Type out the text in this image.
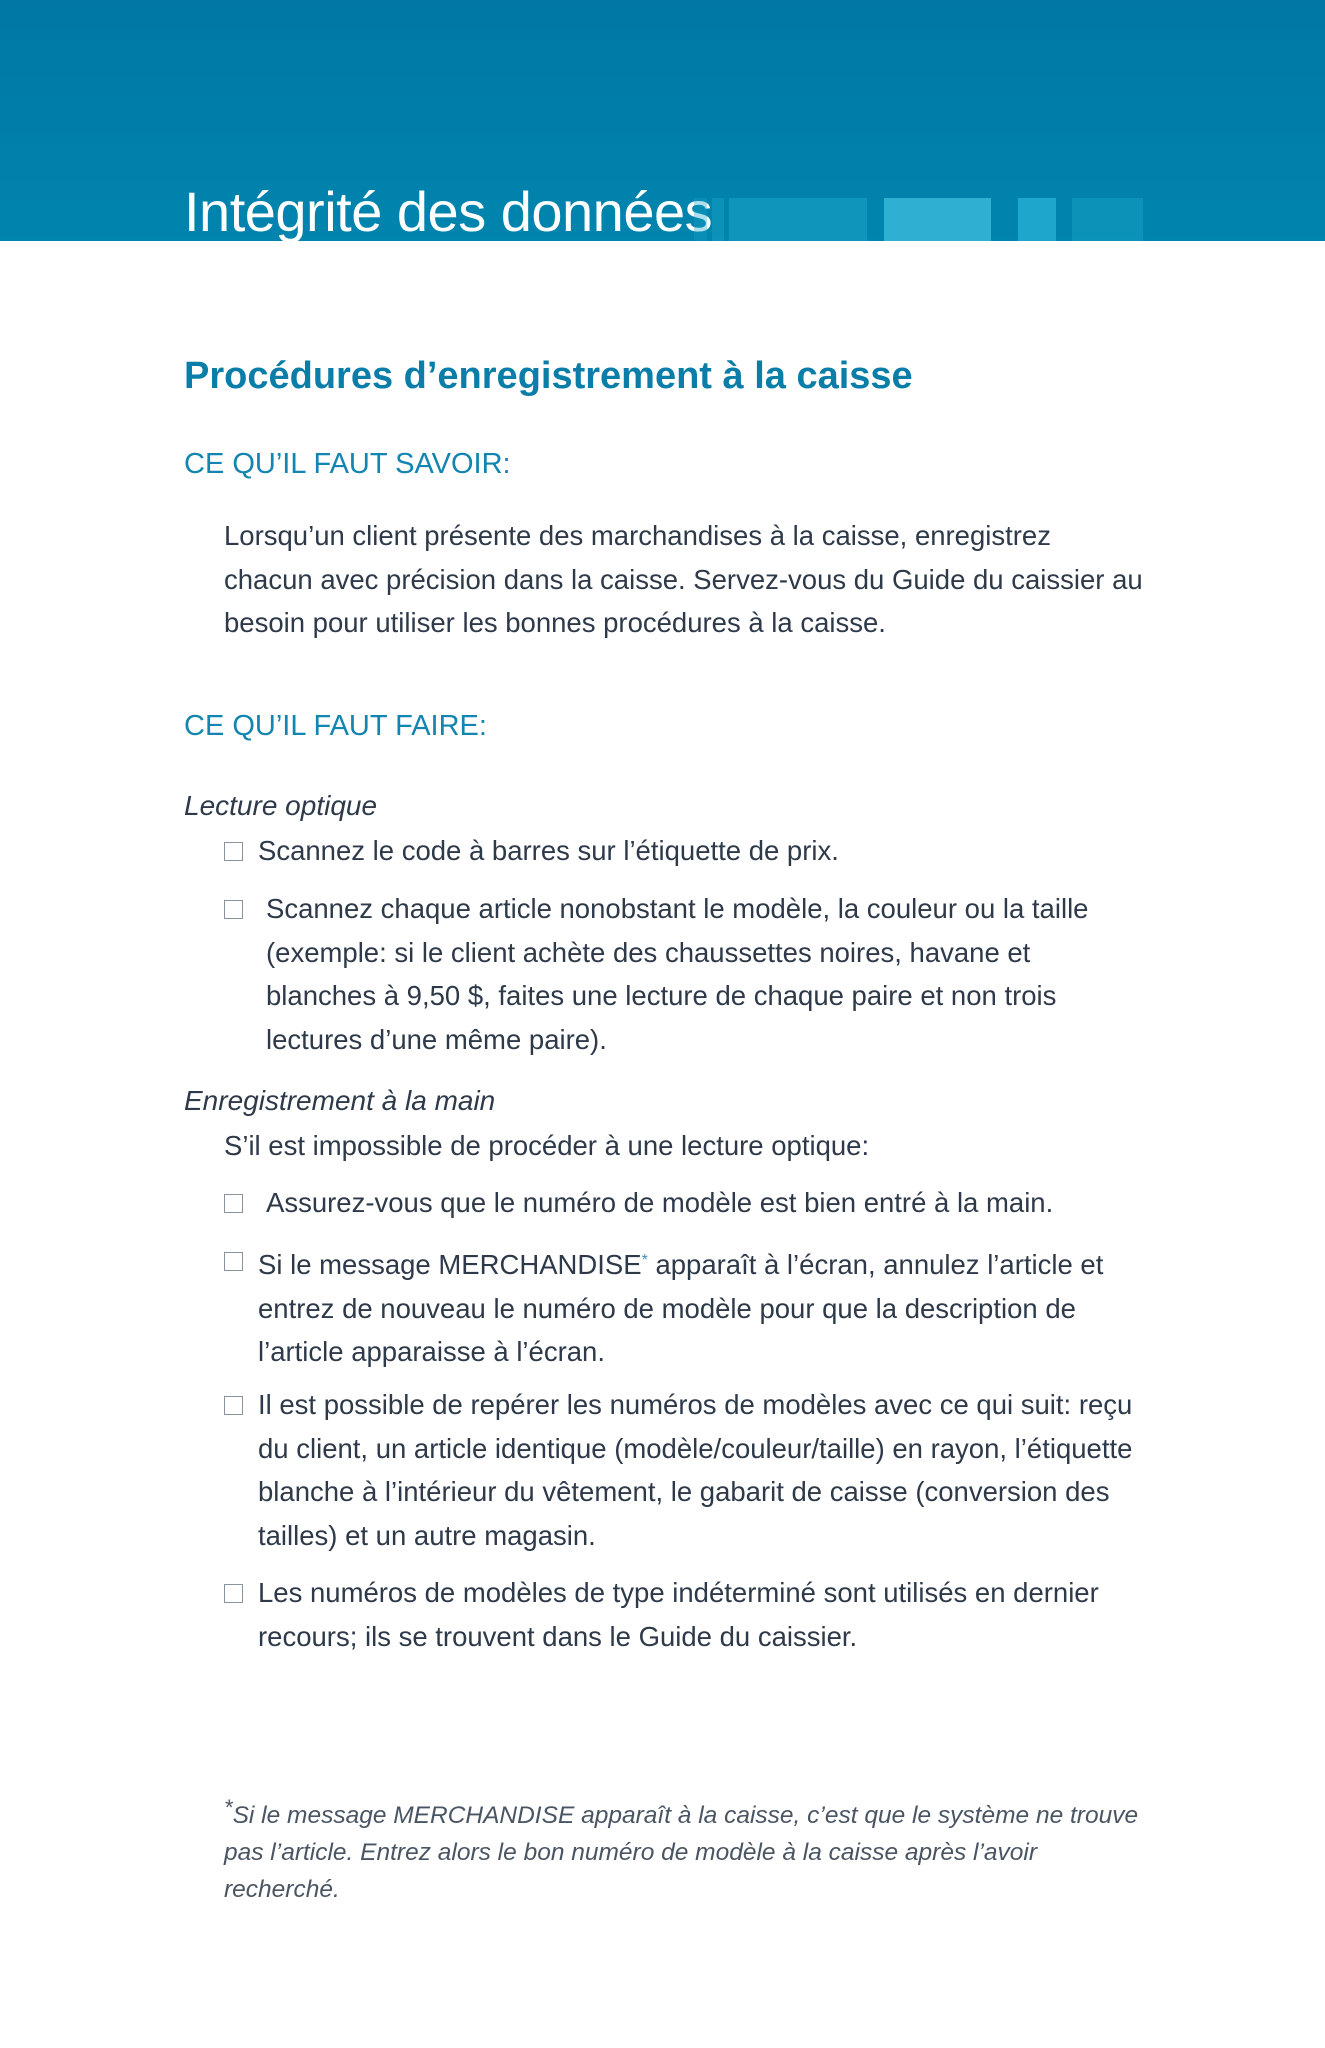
Intégrité des données
Procédures d’enregistrement à la caisse

CE QU’IL FAUT SAVOIR:

Lorsqu’un client présente des marchandises à la caisse, enregistrez chacun avec précision dans la caisse. Servez-vous du Guide du caissier au besoin pour utiliser les bonnes procédures à la caisse.

CE QU’IL FAUT FAIRE:

Lecture optique

Scannez le code à barres sur l’étiquette de prix.
Scannez chaque article nonobstant le modèle, la couleur ou la taille (exemple: si le client achète des chaussettes noires, havane et blanches à 9,50 $, faites une lecture de chaque paire et non trois lectures d’une même paire).

Enregistrement à la main

S’il est impossible de procéder à une lecture optique:

Assurez-vous que le numéro de modèle est bien entré à la main.
Si le message MERCHANDISE* apparaît à l’écran, annulez l’article et entrez de nouveau le numéro de modèle pour que la description de l’article apparaisse à l’écran.
Il est possible de repérer les numéros de modèles avec ce qui suit: reçu du client, un article identique (modèle/couleur/taille) en rayon, l’étiquette blanche à l’intérieur du vêtement, le gabarit de caisse (conversion des tailles) et un autre magasin.
Les numéros de modèles de type indéterminé sont utilisés en dernier recours; ils se trouvent dans le Guide du caissier.

*Si le message MERCHANDISE apparaît à la caisse, c’est que le système ne trouve pas l’article. Entrez alors le bon numéro de modèle à la caisse après l’avoir recherché.
